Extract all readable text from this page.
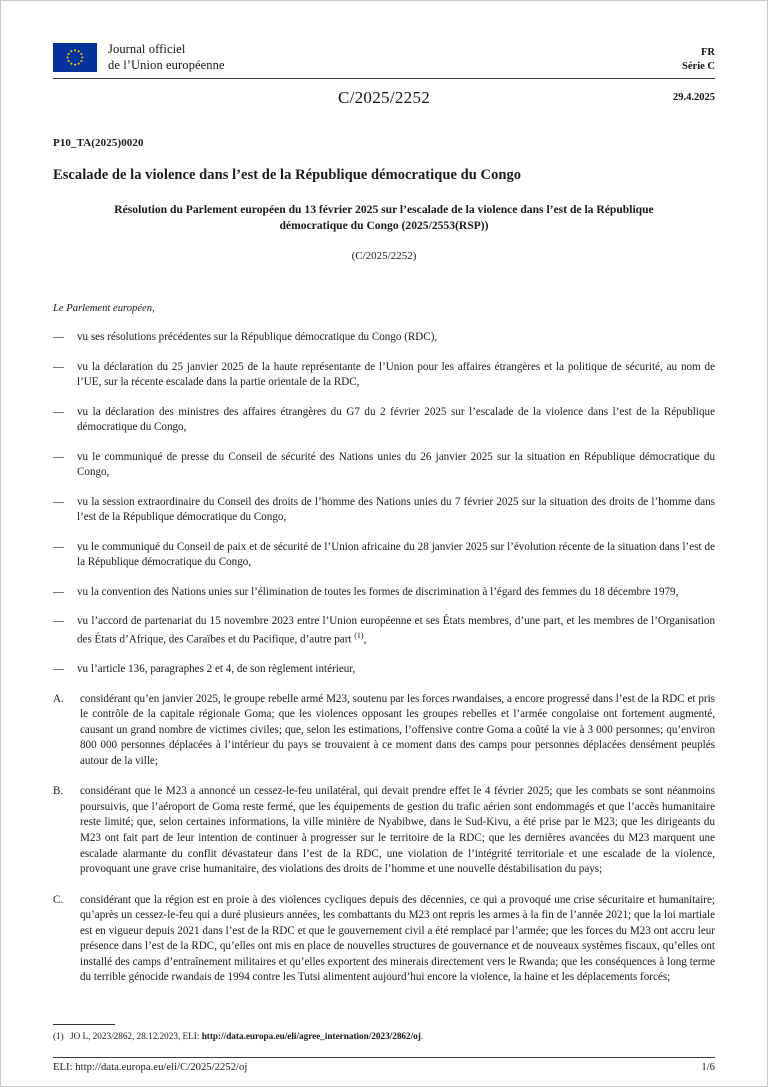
Journal officiel
de l’Union européenne
FR
Série C
C/2025/2252	29.4.2025
P10_TA(2025)0020
Escalade de la violence dans l’est de la République démocratique du Congo
Résolution du Parlement européen du 13 février 2025 sur l’escalade de la violence dans l’est de la République démocratique du Congo (2025/2553(RSP))
(C/2025/2252)
Le Parlement européen,
—	vu ses résolutions précédentes sur la République démocratique du Congo (RDC),
—	vu la déclaration du 25 janvier 2025 de la haute représentante de l’Union pour les affaires étrangères et la politique de sécurité, au nom de l’UE, sur la récente escalade dans la partie orientale de la RDC,
—	vu la déclaration des ministres des affaires étrangères du G7 du 2 février 2025 sur l’escalade de la violence dans l’est de la République démocratique du Congo,
—	vu le communiqué de presse du Conseil de sécurité des Nations unies du 26 janvier 2025 sur la situation en République démocratique du Congo,
—	vu la session extraordinaire du Conseil des droits de l’homme des Nations unies du 7 février 2025 sur la situation des droits de l’homme dans l’est de la République démocratique du Congo,
—	vu le communiqué du Conseil de paix et de sécurité de l’Union africaine du 28 janvier 2025 sur l’évolution récente de la situation dans l’est de la République démocratique du Congo,
—	vu la convention des Nations unies sur l’élimination de toutes les formes de discrimination à l’égard des femmes du 18 décembre 1979,
—	vu l’accord de partenariat du 15 novembre 2023 entre l’Union européenne et ses États membres, d’une part, et les membres de l’Organisation des États d’Afrique, des Caraïbes et du Pacifique, d’autre part $^{(1)}$,
—	vu l’article 136, paragraphes 2 et 4, de son règlement intérieur,
A.	considérant qu’en janvier 2025, le groupe rebelle armé M23, soutenu par les forces rwandaises, a encore progressé dans l’est de la RDC et pris le contrôle de la capitale régionale Goma; que les violences opposant les groupes rebelles et l’armée congolaise ont fortement augmenté, causant un grand nombre de victimes civiles; que, selon les estimations, l’offensive contre Goma a coûté la vie à 3 000 personnes; qu’environ 800 000 personnes déplacées à l’intérieur du pays se trouvaient à ce moment dans des camps pour personnes déplacées densément peuplés autour de la ville;
B.	considérant que le M23 a annoncé un cessez-le-feu unilatéral, qui devait prendre effet le 4 février 2025; que les combats se sont néanmoins poursuivis, que l’aéroport de Goma reste fermé, que les équipements de gestion du trafic aérien sont endommagés et que l’accès humanitaire reste limité; que, selon certaines informations, la ville minière de Nyabibwe, dans le Sud-Kivu, a été prise par le M23; que les dirigeants du M23 ont fait part de leur intention de continuer à progresser sur le territoire de la RDC; que les dernières avancées du M23 marquent une escalade alarmante du conflit dévastateur dans l’est de la RDC, une violation de l’intégrité territoriale et une escalade de la violence, provoquant une grave crise humanitaire, des violations des droits de l’homme et une nouvelle déstabilisation du pays;
C.	considérant que la région est en proie à des violences cycliques depuis des décennies, ce qui a provoqué une crise sécuritaire et humanitaire; qu’après un cessez-le-feu qui a duré plusieurs années, les combattants du M23 ont repris les armes à la fin de l’année 2021; que la loi martiale est en vigueur depuis 2021 dans l’est de la RDC et que le gouvernement civil a été remplacé par l’armée; que les forces du M23 ont accru leur présence dans l’est de la RDC, qu’elles ont mis en place de nouvelles structures de gouvernance et de nouveaux systèmes fiscaux, qu’elles ont installé des camps d’entraînement militaires et qu’elles exportent des minerais directement vers le Rwanda; que les conséquences à long terme du terrible génocide rwandais de 1994 contre les Tutsi alimentent aujourd’hui encore la violence, la haine et les déplacements forcés;
(1) JO L, 2023/2862, 28.12.2023, ELI: http://data.europa.eu/eli/agree_internation/2023/2862/oj.
ELI: http://data.europa.eu/eli/C/2025/2252/oj	1/6
